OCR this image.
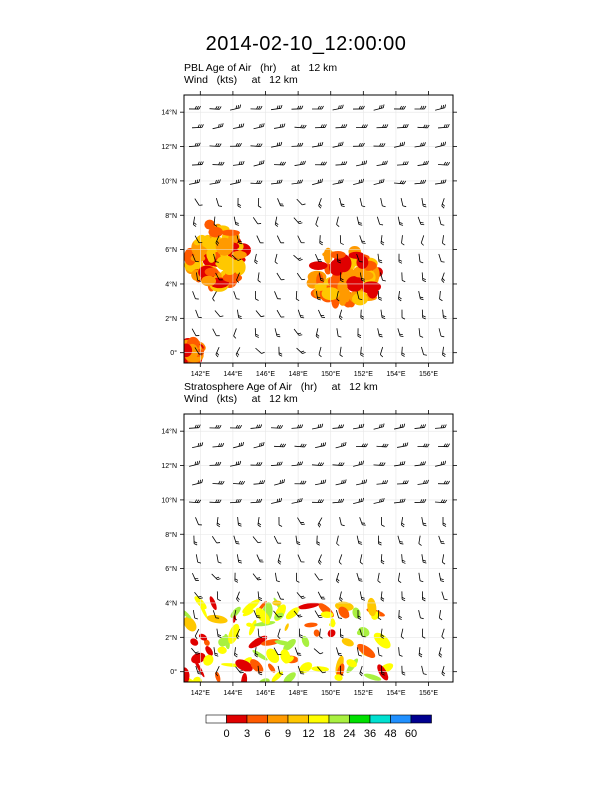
2014-02-10_12:00:00
PBL Age of Air   (hr)     at   12 km
Wind   (kts)     at   12 km
Stratosphere Age of Air   (hr)     at   12 km
Wind   (kts)     at   12 km
142°E 144°E 146°E 148°E 150°E 152°E 154°E 156°E
0°
2°N
4°N
6°N
8°N
10°N
12°N
14°N
142°E 144°E 146°E 148°E 150°E 152°E 154°E 156°E
0°
2°N
4°N
6°N
8°N
10°N
12°N
14°N
0 3 6 9 12 18 24 36 48 60
